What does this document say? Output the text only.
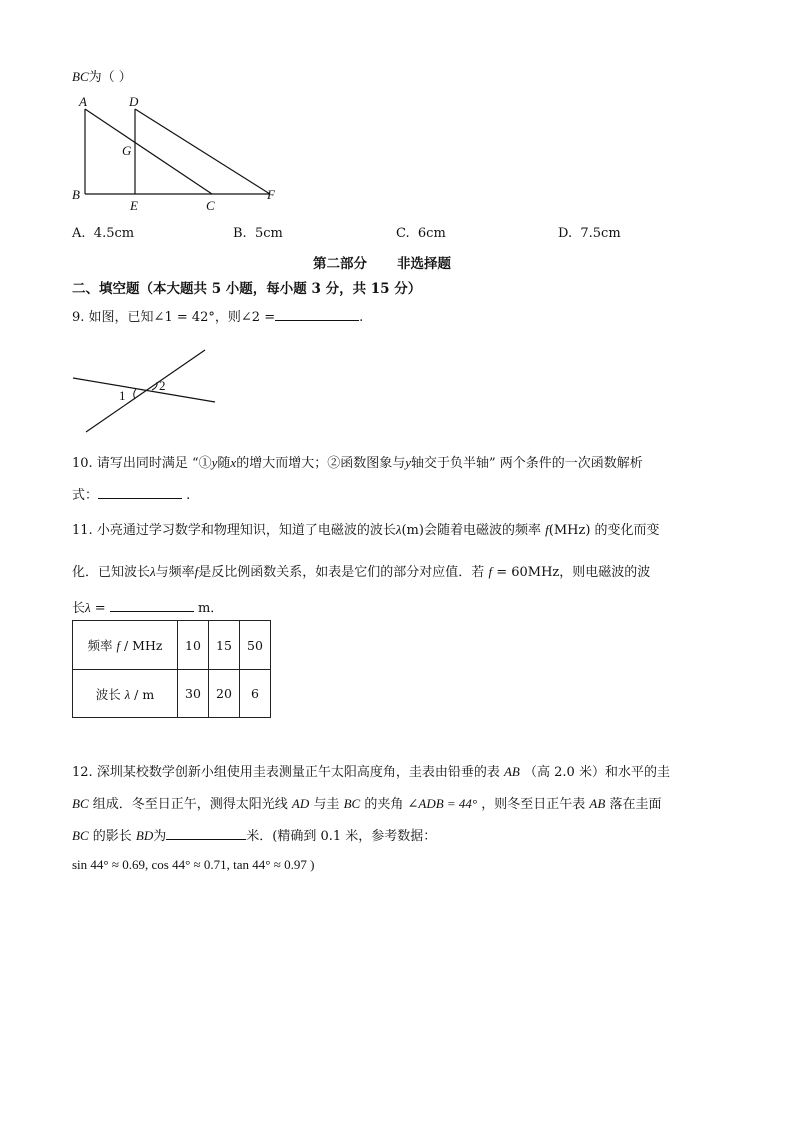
BC为（ ）
A	D
G
B
E	C
F
A. 4.5cm	B. 5cm	C. 6cm	D. 7.5cm
第二部分 非选择题
二、填空题（本大题共 5 小题，每小题 3 分，共 15 分）
9. 如图，已知∠1 = 42°，则∠2 =	.
1
2
10. 请写出同时满足 “①y随x的增大而增大；②函数图象与y轴交于负半轴” 两个条件的一次函数解析
式：	.
11. 小亮通过学习数学和物理知识，知道了电磁波的波长λ(m)会随着电磁波的频率 f(MHz) 的变化而变
化．已知波长λ与频率f是反比例函数关系，如表是它们的部分对应值．若 f = 60MHz，则电磁波的波
长λ =	m．
频率 f / MHz	10	15	50
波长 λ / m	30	20	6
12. 深圳某校数学创新小组使用圭表测量正午太阳高度角，圭表由铅垂的表 AB （高 2.0 米）和水平的圭
BC 组成．冬至日正午，测得太阳光线 AD 与圭 BC 的夹角 ∠ADB = 44° ，则冬至日正午表 AB 落在圭面
BC 的影长 BD为	米．(精确到 0.1 米，参考数据：
sin 44° ≈ 0.69, cos 44° ≈ 0.71, tan 44° ≈ 0.97 )
